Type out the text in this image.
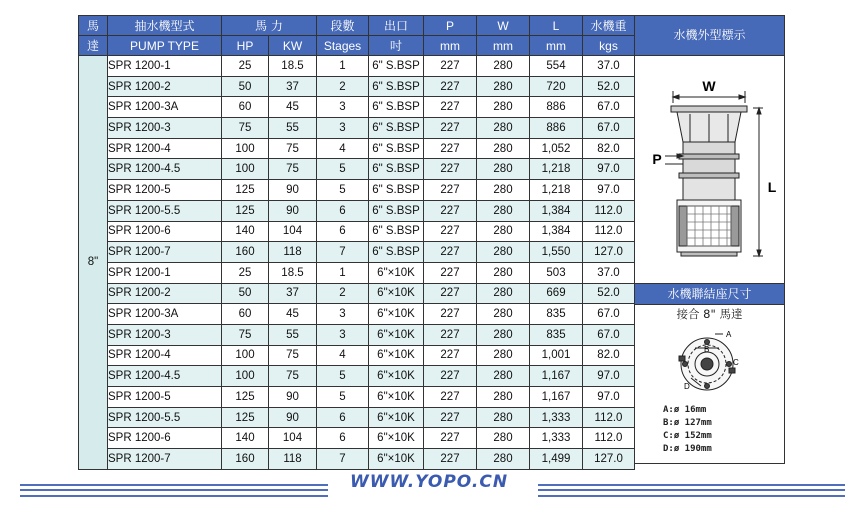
馬	抽水機型式	馬 力		段數	出口	P	W	L	水機重
達	PUMP TYPE	HP	KW	Stages	吋	mm	mm	mm	kgs
8"	SPR 1200-1	25	18.5	1	6" S.BSP	227	280	554	37.0
	SPR 1200-2	50	37	2	6" S.BSP	227	280	720	52.0
	SPR 1200-3A	60	45	3	6" S.BSP	227	280	886	67.0
	SPR 1200-3	75	55	3	6" S.BSP	227	280	886	67.0
	SPR 1200-4	100	75	4	6" S.BSP	227	280	1,052	82.0
	SPR 1200-4.5	100	75	5	6" S.BSP	227	280	1,218	97.0
	SPR 1200-5	125	90	5	6" S.BSP	227	280	1,218	97.0
	SPR 1200-5.5	125	90	6	6" S.BSP	227	280	1,384	112.0
	SPR 1200-6	140	104	6	6" S.BSP	227	280	1,384	112.0
	SPR 1200-7	160	118	7	6" S.BSP	227	280	1,550	127.0
	SPR 1200-1	25	18.5	1	6"×10K	227	280	503	37.0
	SPR 1200-2	50	37	2	6"×10K	227	280	669	52.0
	SPR 1200-3A	60	45	3	6"×10K	227	280	835	67.0
	SPR 1200-3	75	55	3	6"×10K	227	280	835	67.0
	SPR 1200-4	100	75	4	6"×10K	227	280	1,001	82.0
	SPR 1200-4.5	100	75	5	6"×10K	227	280	1,167	97.0
	SPR 1200-5	125	90	5	6"×10K	227	280	1,167	97.0
	SPR 1200-5.5	125	90	6	6"×10K	227	280	1,333	112.0
	SPR 1200-6	140	104	6	6"×10K	227	280	1,333	112.0
	SPR 1200-7	160	118	7	6"×10K	227	280	1,499	127.0
水機外型標示
W
P
L
水機聯結座尺寸
接合 8" 馬達
A
B
C
D
A:ø 16mm
B:ø 127mm
C:ø 152mm
D:ø 190mm
WWW.YOPO.CN
